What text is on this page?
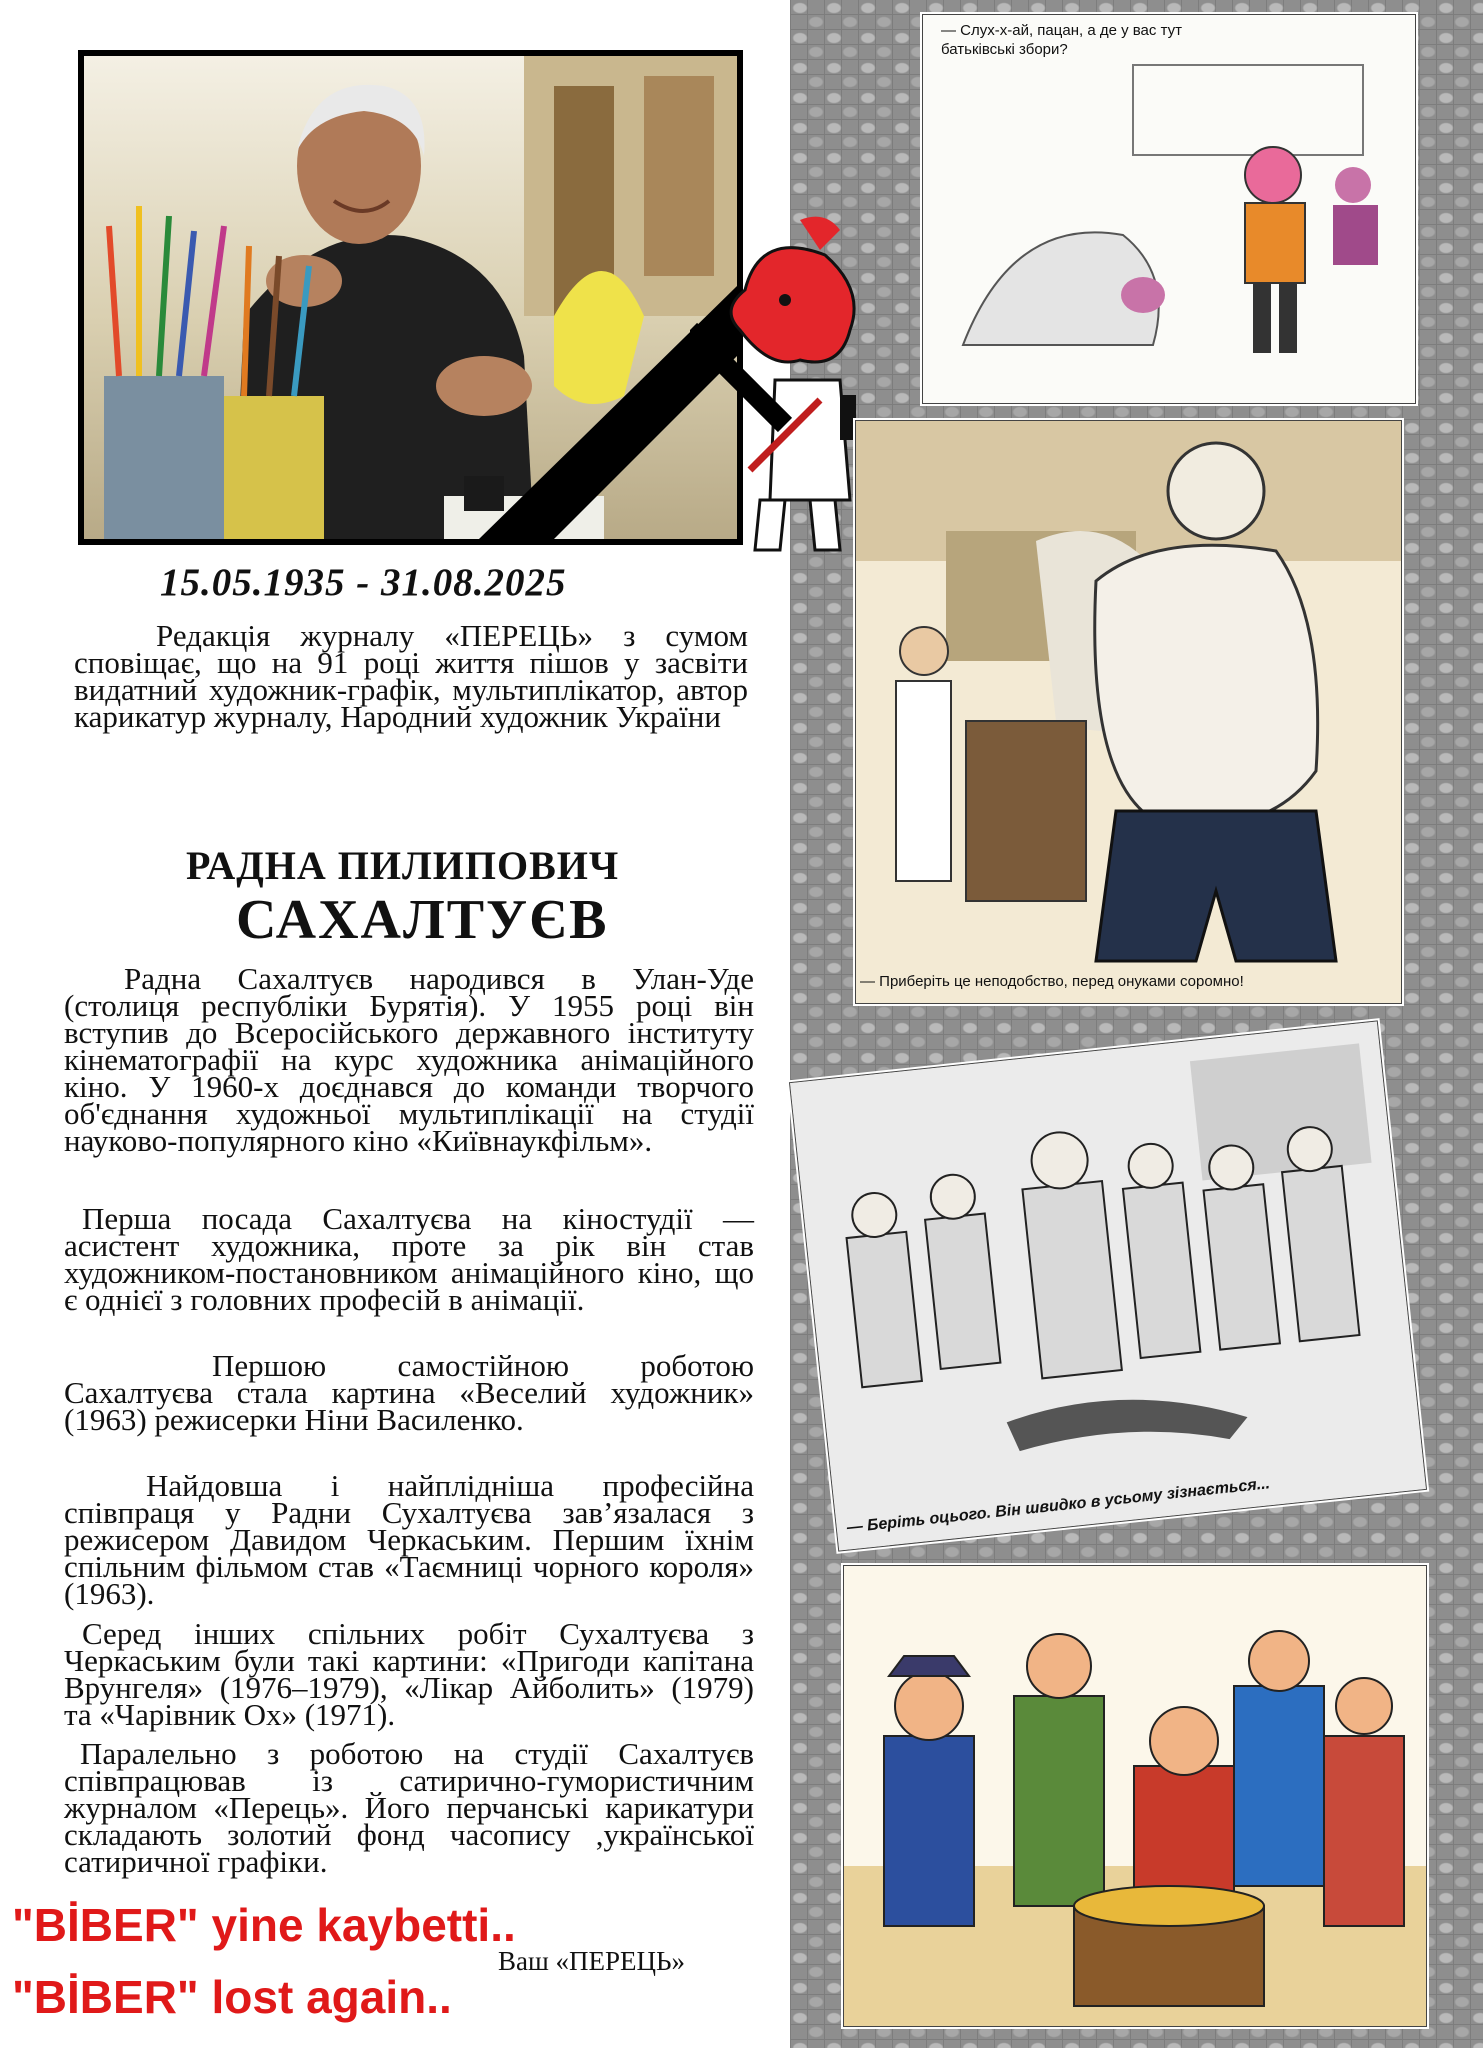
15.05.1935 - 31.08.2025
Редакція журналу «ПЕРЕЦЬ» з сумом сповіщає, що на 91 році життя пішов у засвіти видатний художник-графік, мультиплікатор, автор карикатур журналу, Народний художник України
РАДНА ПИЛИПОВИЧ
САХАЛТУЄВ
Радна Сахалтуєв народився в Улан-Уде (столиця республіки Бурятія). У 1955 році він вступив до Всеросійського державного інституту кінематографії на курс художника анімаційного кіно. У 1960-х доєднався до команди творчого об'єднання художньої мультиплікації на студії науково-популярного кіно «Київнаукфільм».
Перша посада Сахалтуєва на кіностудії — асистент художника, проте за рік він став художником-постановником анімаційного кіно, що є однієї з головних професій в анімації.
Першою самостійною роботою Сахалтуєва стала картина «Веселий художник» (1963) режисерки Ніни Василенко.
Найдовша і найплідніша професійна співпраця у Радни Сухалтуєва зав’язалася з режисером Давидом Черкаським. Першим їхнім спільним фільмом став «Таємниці чорного короля» (1963).
Серед інших спільних робіт Сухалтуєва з Черкаським були такі картини: «Пригоди капітана Врунгеля» (1976–1979), «Лікар Айболить» (1979) та «Чарівник Ох» (1971).
Паралельно з роботою на студії Сахалтуєв співпрацював із сатирично-гумористичним журналом «Перець». Його перчанські карикатури складають золотий фонд часопису ,української сатиричної графіки.
Ваш «ПЕРЕЦЬ»
"BİBER" yine kaybetti..
"BİBER" lost again..
— Слух-х-ай, пацан, а де у вас тут батьківські збори?
— Приберіть це неподобство, перед онуками соромно!
— Беріть оцього. Він швидко в усьому зізнається...
